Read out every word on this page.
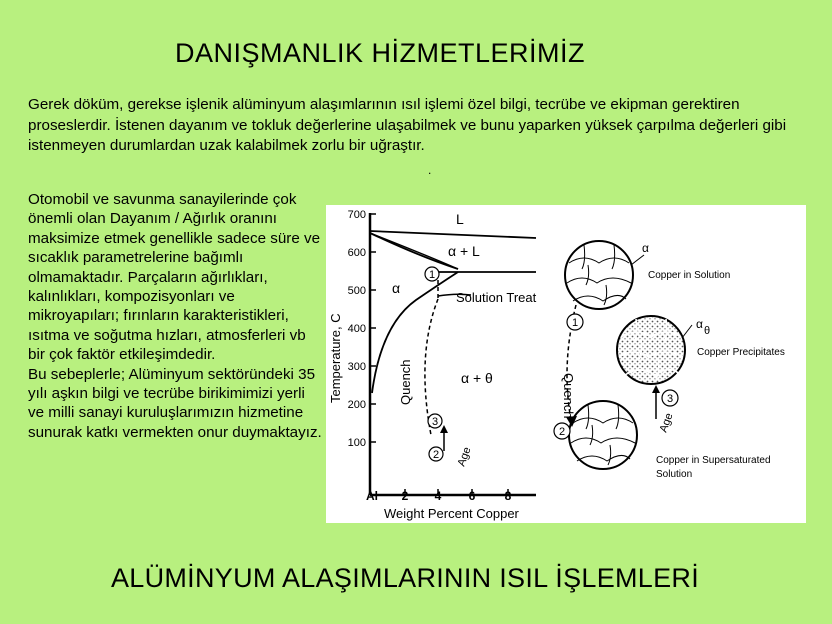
DANIŞMANLIK HİZMETLERİMİZ
Gerek döküm, gerekse işlenik alüminyum alaşımlarının ısıl işlemi özel bilgi, tecrübe ve ekipman gerektiren proseslerdir. İstenen dayanım ve tokluk değerlerine ulaşabilmek ve bunu yaparken yüksek çarpılma değerleri gibi istenmeyen durumlardan uzak kalabilmek zorlu bir uğraştır.
.
Otomobil ve savunma sanayilerinde çok önemli olan Dayanım / Ağırlık oranını maksimize etmek genellikle sadece süre ve sıcaklık parametrelerine bağımlı olmamaktadır. Parçaların ağırlıkları, kalınlıkları, kompozisyonları ve mikroyapıları; fırınların karakteristikleri, ısıtma ve soğutma hızları, atmosferleri vb bir çok faktör etkileşimdedir.
Bu sebeplerle; Alüminyum sektöründeki 35 yılı aşkın bilgi ve tecrübe birikimimizi yerli ve milli sanayi kuruluşlarımızın hizmetine sunurak katkı vermekten onur duymaktayız.
700
600
500
400
300
200
100
Al 2 4 6 8
Weight Percent Copper
Temperature, C
1
2
3
L
α + L
α
α + θ
Solution Treat
Quench
Age
α
Copper in Solution
α θ
Copper Precipitates
Copper in Supersaturated
Solution
1
2
3
Quench
Age
ALÜMİNYUM ALAŞIMLARININ ISIL İŞLEMLERİ
